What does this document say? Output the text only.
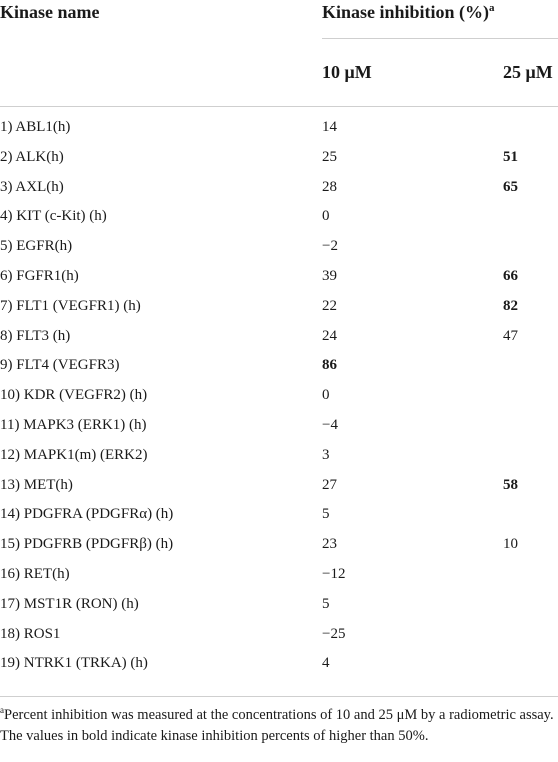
Kinase name	Kinase inhibition (%)$^a$
10 μM	25 μM
1) ABL1(h)	14
2) ALK(h)	25	51
3) AXL(h)	28	65
4) KIT (c-Kit) (h)	0
5) EGFR(h)	−2
6) FGFR1(h)	39	66
7) FLT1 (VEGFR1) (h)	22	82
8) FLT3 (h)	24	47
9) FLT4 (VEGFR3)	86
10) KDR (VEGFR2) (h)	0
11) MAPK3 (ERK1) (h)	−4
12) MAPK1(m) (ERK2)	3
13) MET(h)	27	58
14) PDGFRA (PDGFRα) (h)	5
15) PDGFRB (PDGFRβ) (h)	23	10
16) RET(h)	−12
17) MST1R (RON) (h)	5
18) ROS1	−25
19) NTRK1 (TRKA) (h)	4
$^a$Percent inhibition was measured at the concentrations of 10 and 25 μM by a radiometric assay. The values in bold indicate kinase inhibition percents of higher than 50%.
